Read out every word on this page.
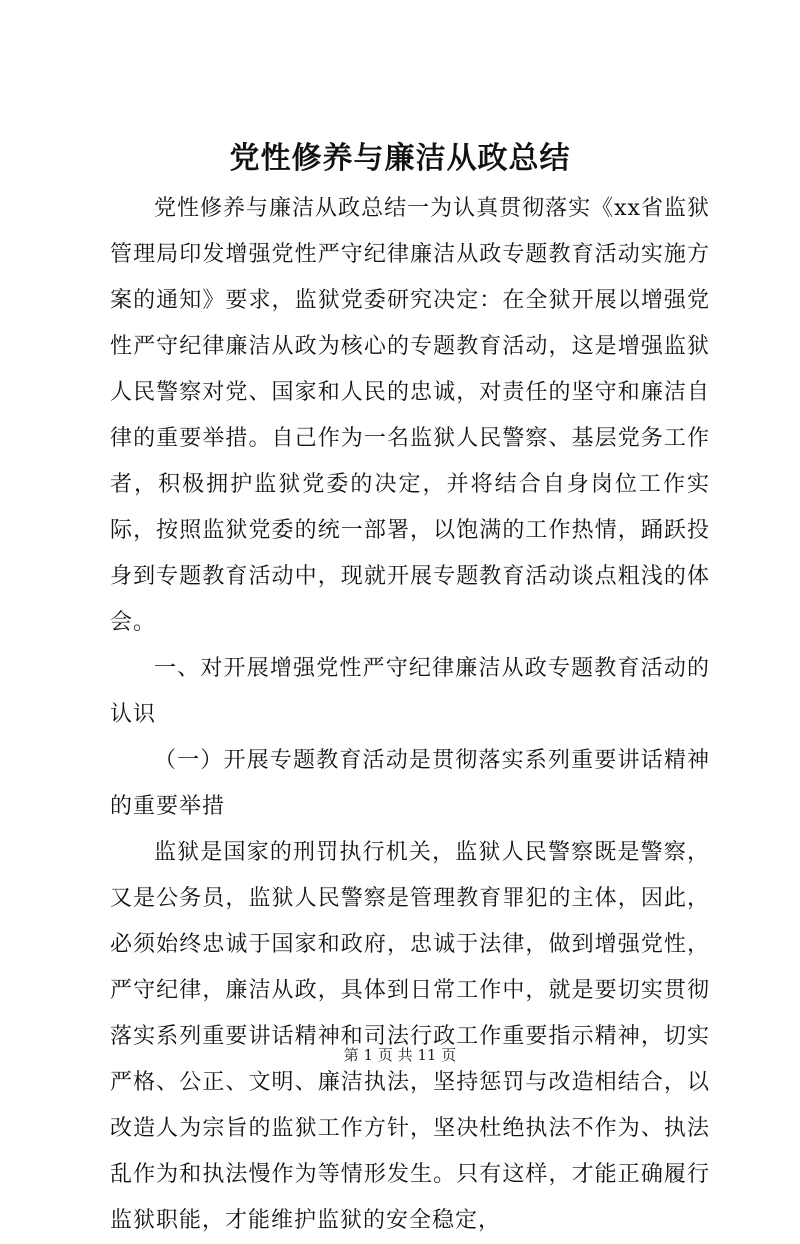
党性修养与廉洁从政总结

党性修养与廉洁从政总结一为认真贯彻落实《xx省监狱管理局印发增强党性严守纪律廉洁从政专题教育活动实施方案的通知》要求，监狱党委研究决定：在全狱开展以增强党性严守纪律廉洁从政为核心的专题教育活动，这是增强监狱人民警察对党、国家和人民的忠诚，对责任的坚守和廉洁自律的重要举措。自己作为一名监狱人民警察、基层党务工作者，积极拥护监狱党委的决定，并将结合自身岗位工作实际，按照监狱党委的统一部署，以饱满的工作热情，踊跃投身到专题教育活动中，现就开展专题教育活动谈点粗浅的体会。

一、对开展增强党性严守纪律廉洁从政专题教育活动的认识

（一）开展专题教育活动是贯彻落实系列重要讲话精神的重要举措

监狱是国家的刑罚执行机关，监狱人民警察既是警察，又是公务员，监狱人民警察是管理教育罪犯的主体，因此，必须始终忠诚于国家和政府，忠诚于法律，做到增强党性，严守纪律，廉洁从政，具体到日常工作中，就是要切实贯彻落实系列重要讲话精神和司法行政工作重要指示精神，切实严格、公正、文明、廉洁执法，坚持惩罚与改造相结合，以改造人为宗旨的监狱工作方针，坚决杜绝执法不作为、执法乱作为和执法慢作为等情形发生。只有这样，才能正确履行监狱职能，才能维护监狱的安全稳定，

第 1 页 共 11 页
